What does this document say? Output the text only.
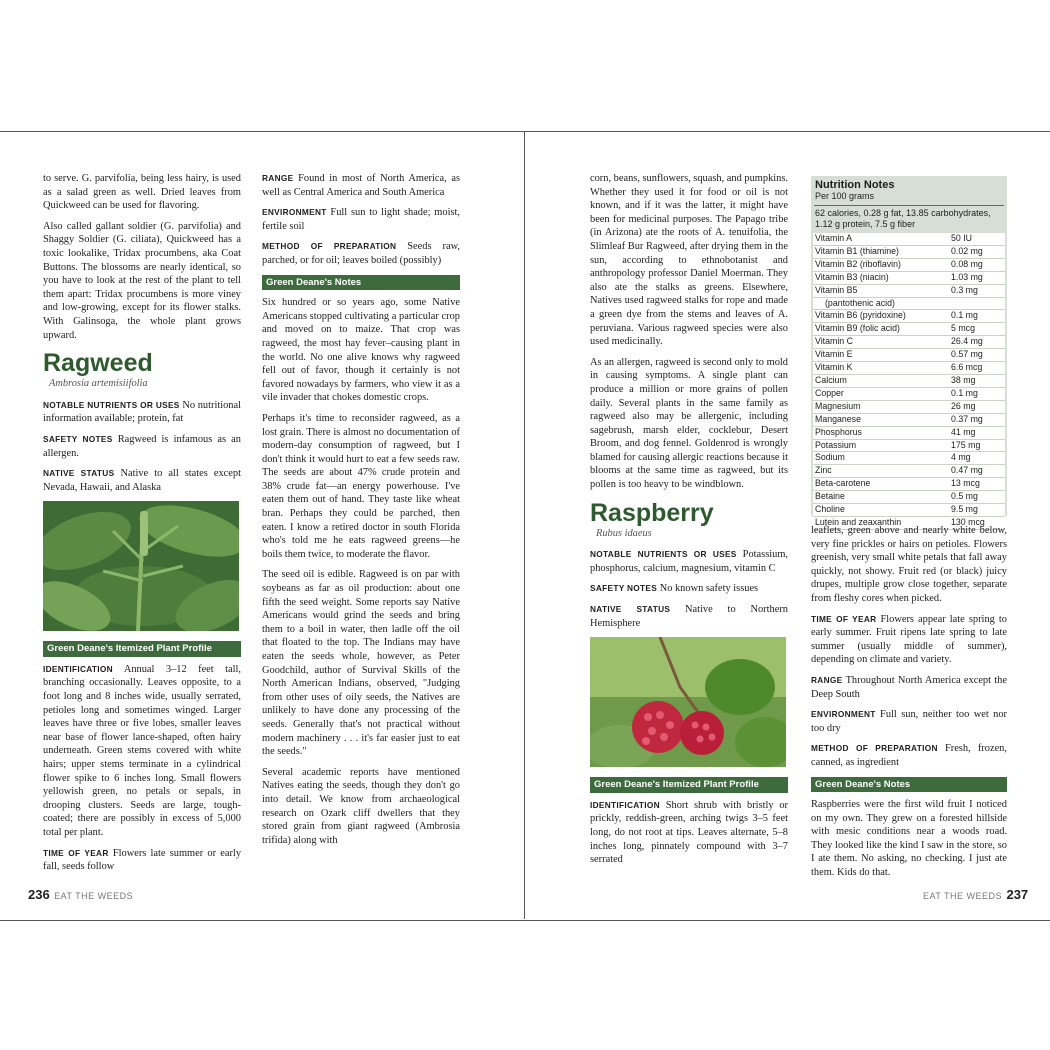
to serve. G. parvifolia, being less hairy, is used as a salad green as well. Dried leaves from Quickweed can be used for flavoring.

Also called gallant soldier (G. parvifolia) and Shaggy Soldier (G. ciliata), Quickweed has a toxic lookalike, Tridax procumbens, aka Coat Buttons. The blossoms are nearly identical, so you have to look at the rest of the plant to tell them apart: Tridax procumbens is more viney and low-growing, except for its flower stalks. With Galinsoga, the whole plant grows upward.

Ragweed
Ambrosia artemisiifolia

NOTABLE NUTRIENTS OR USES No nutritional information available; protein, fat

SAFETY NOTES Ragweed is infamous as an allergen.

NATIVE STATUS Native to all states except Nevada, Hawaii, and Alaska

Green Deane's Itemized Plant Profile

IDENTIFICATION Annual 3–12 feet tall, branching occasionally. Leaves opposite, to a foot long and 8 inches wide, usually serrated, petioles long and sometimes winged. Larger leaves have three or five lobes, smaller leaves near base of flower lance-shaped, often hairy underneath. Green stems covered with white hairs; upper stems terminate in a cylindrical flower spike to 6 inches long. Small flowers yellowish green, no petals or sepals, in drooping clusters. Seeds are large, tough-coated; there are possibly in excess of 5,000 total per plant.

TIME OF YEAR Flowers late summer or early fall, seeds follow

RANGE Found in most of North America, as well as Central America and South America

ENVIRONMENT Full sun to light shade; moist, fertile soil

METHOD OF PREPARATION Seeds raw, parched, or for oil; leaves boiled (possibly)

Green Deane's Notes

Six hundred or so years ago, some Native Americans stopped cultivating a particular crop and moved on to maize. That crop was ragweed, the most hay fever–causing plant in the world. No one alive knows why ragweed fell out of favor, though it certainly is not favored nowadays by farmers, who view it as a vile invader that chokes domestic crops.

Perhaps it's time to reconsider ragweed, as a lost grain. There is almost no documentation of modern-day consumption of ragweed, but I don't think it would hurt to eat a few seeds raw. The seeds are about 47% crude protein and 38% crude fat—an energy powerhouse. I've eaten them out of hand. They taste like wheat bran. Perhaps they could be parched, then eaten. I know a retired doctor in south Florida who's told me he eats ragweed greens—he boils them twice, to moderate the flavor.

The seed oil is edible. Ragweed is on par with soybeans as far as oil production: about one fifth the seed weight. Some reports say Native Americans would grind the seeds and bring them to a boil in water, then ladle off the oil that floated to the top. The Indians may have eaten the seeds whole, however, as Peter Goodchild, author of Survival Skills of the North American Indians, observed, "Judging from other uses of oily seeds, the Natives are unlikely to have done any processing of the seeds. Generally that's not practical without modern machinery . . . it's far easier just to eat the seeds."

Several academic reports have mentioned Natives eating the seeds, though they don't go into detail. We know from archaeological research on Ozark cliff dwellers that they stored grain from giant ragweed (Ambrosia trifida) along with

corn, beans, sunflowers, squash, and pumpkins. Whether they used it for food or oil is not known, and if it was the latter, it might have been for medicinal purposes. The Papago tribe (in Arizona) ate the roots of A. tenuifolia, the Slimleaf Bur Ragweed, after drying them in the sun, according to ethnobotanist and anthropology professor Daniel Moerman. They also ate the stalks as greens. Elsewhere, Natives used ragweed stalks for rope and made a green dye from the stems and leaves of A. peruviana. Various ragweed species were also used medicinally.

As an allergen, ragweed is second only to mold in causing symptoms. A single plant can produce a million or more grains of pollen daily. Several plants in the same family as ragweed also may be allergenic, including sagebrush, marsh elder, cocklebur, Desert Broom, and dog fennel. Goldenrod is wrongly blamed for causing allergic reactions because it blooms at the same time as ragweed, but its pollen is too heavy to be windblown.

Raspberry
Rubus idaeus

NOTABLE NUTRIENTS OR USES Potassium, phosphorus, calcium, magnesium, vitamin C

SAFETY NOTES No known safety issues

NATIVE STATUS Native to Northern Hemisphere

Green Deane's Itemized Plant Profile

IDENTIFICATION Short shrub with bristly or prickly, reddish-green, arching twigs 3–5 feet long, do not root at tips. Leaves alternate, 5–8 inches long, pinnately compound with 3–7 serrated

Nutrition Notes
Per 100 grams
62 calories, 0.28 g fat, 13.85 carbohydrates, 1.12 g protein, 7.5 g fiber
Vitamin A	50 IU
Vitamin B1 (thiamine)	0.02 mg
Vitamin B2 (riboflavin)	0.08 mg
Vitamin B3 (niacin)	1.03 mg
Vitamin B5	0.3 mg
(pantothenic acid)
Vitamin B6 (pyridoxine)	0.1 mg
Vitamin B9 (folic acid)	5 mcg
Vitamin C	26.4 mg
Vitamin E	0.57 mg
Vitamin K	6.6 mcg
Calcium	38 mg
Copper	0.1 mg
Magnesium	26 mg
Manganese	0.37 mg
Phosphorus	41 mg
Potassium	175 mg
Sodium	4 mg
Zinc	0.47 mg
Beta-carotene	13 mcg
Betaine	0.5 mg
Choline	9.5 mg
Lutein and zeaxanthin	130 mcg

leaflets, green above and nearly white below, very fine prickles or hairs on petioles. Flowers greenish, very small white petals that fall away quickly, not showy. Fruit red (or black) juicy drupes, multiple grow close together, separate from fleshy cores when picked.

TIME OF YEAR Flowers appear late spring to early summer. Fruit ripens late spring to late summer (usually middle of summer), depending on climate and variety.

RANGE Throughout North America except the Deep South

ENVIRONMENT Full sun, neither too wet nor too dry

METHOD OF PREPARATION Fresh, frozen, canned, as ingredient

Green Deane's Notes

Raspberries were the first wild fruit I noticed on my own. They grew on a forested hillside with mesic conditions near a woods road. They looked like the kind I saw in the store, so I ate them. No asking, no checking. I just ate them. Kids do that.

236 EAT THE WEEDS	EAT THE WEEDS 237
